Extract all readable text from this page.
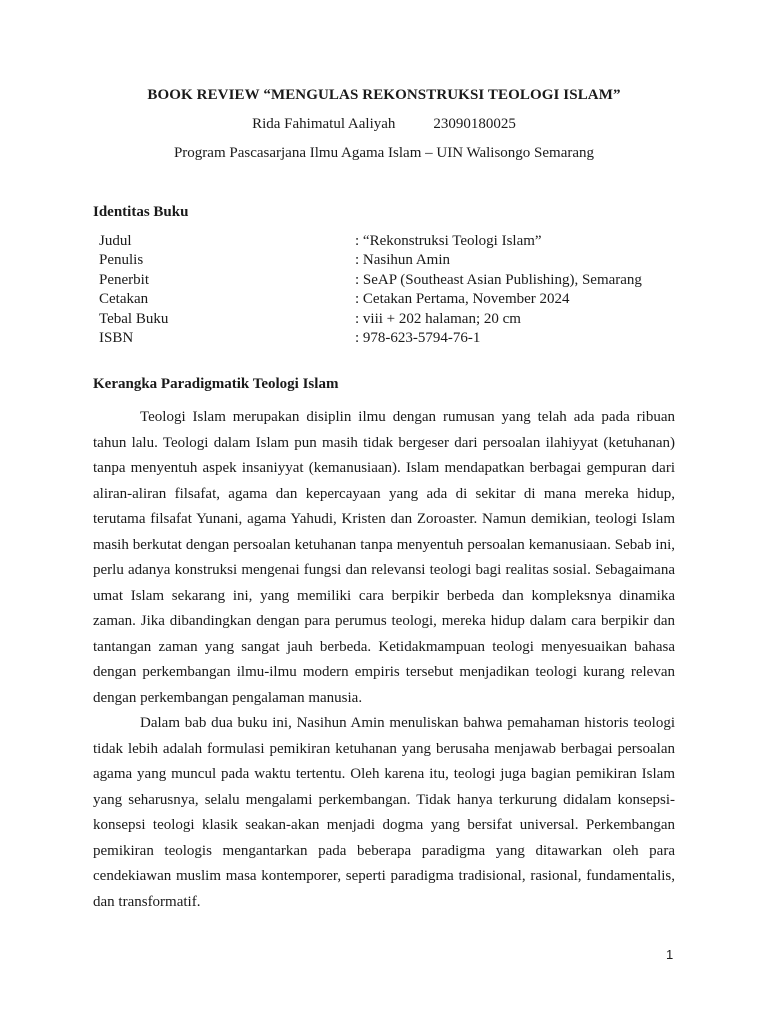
BOOK REVIEW “MENGULAS REKONSTRUKSI TEOLOGI ISLAM”
Rida Fahimatul Aaliyah	23090180025
Program Pascasarjana Ilmu Agama Islam – UIN Walisongo Semarang
Identitas Buku
Judul	: “Rekonstruksi Teologi Islam”
Penulis	: Nasihun Amin
Penerbit	: SeAP (Southeast Asian Publishing), Semarang
Cetakan	: Cetakan Pertama, November 2024
Tebal Buku	: viii + 202 halaman; 20 cm
ISBN	: 978-623-5794-76-1
Kerangka Paradigmatik Teologi Islam

Teologi Islam merupakan disiplin ilmu dengan rumusan yang telah ada pada ribuan tahun lalu. Teologi dalam Islam pun masih tidak bergeser dari persoalan ilahiyyat (ketuhanan) tanpa menyentuh aspek insaniyyat (kemanusiaan). Islam mendapatkan berbagai gempuran dari aliran-aliran filsafat, agama dan kepercayaan yang ada di sekitar di mana mereka hidup, terutama filsafat Yunani, agama Yahudi, Kristen dan Zoroaster. Namun demikian, teologi Islam masih berkutat dengan persoalan ketuhanan tanpa menyentuh persoalan kemanusiaan. Sebab ini, perlu adanya konstruksi mengenai fungsi dan relevansi teologi bagi realitas sosial. Sebagaimana umat Islam sekarang ini, yang memiliki cara berpikir berbeda dan kompleksnya dinamika zaman. Jika dibandingkan dengan para perumus teologi, mereka hidup dalam cara berpikir dan tantangan zaman yang sangat jauh berbeda. Ketidakmampuan teologi menyesuaikan bahasa dengan perkembangan ilmu-ilmu modern empiris tersebut menjadikan teologi kurang relevan dengan perkembangan pengalaman manusia.

Dalam bab dua buku ini, Nasihun Amin menuliskan bahwa pemahaman historis teologi tidak lebih adalah formulasi pemikiran ketuhanan yang berusaha menjawab berbagai persoalan agama yang muncul pada waktu tertentu. Oleh karena itu, teologi juga bagian pemikiran Islam yang seharusnya, selalu mengalami perkembangan. Tidak hanya terkurung didalam konsepsi-konsepsi teologi klasik seakan-akan menjadi dogma yang bersifat universal. Perkembangan pemikiran teologis mengantarkan pada beberapa paradigma yang ditawarkan oleh para cendekiawan muslim masa kontemporer, seperti paradigma tradisional, rasional, fundamentalis, dan transformatif.

1
